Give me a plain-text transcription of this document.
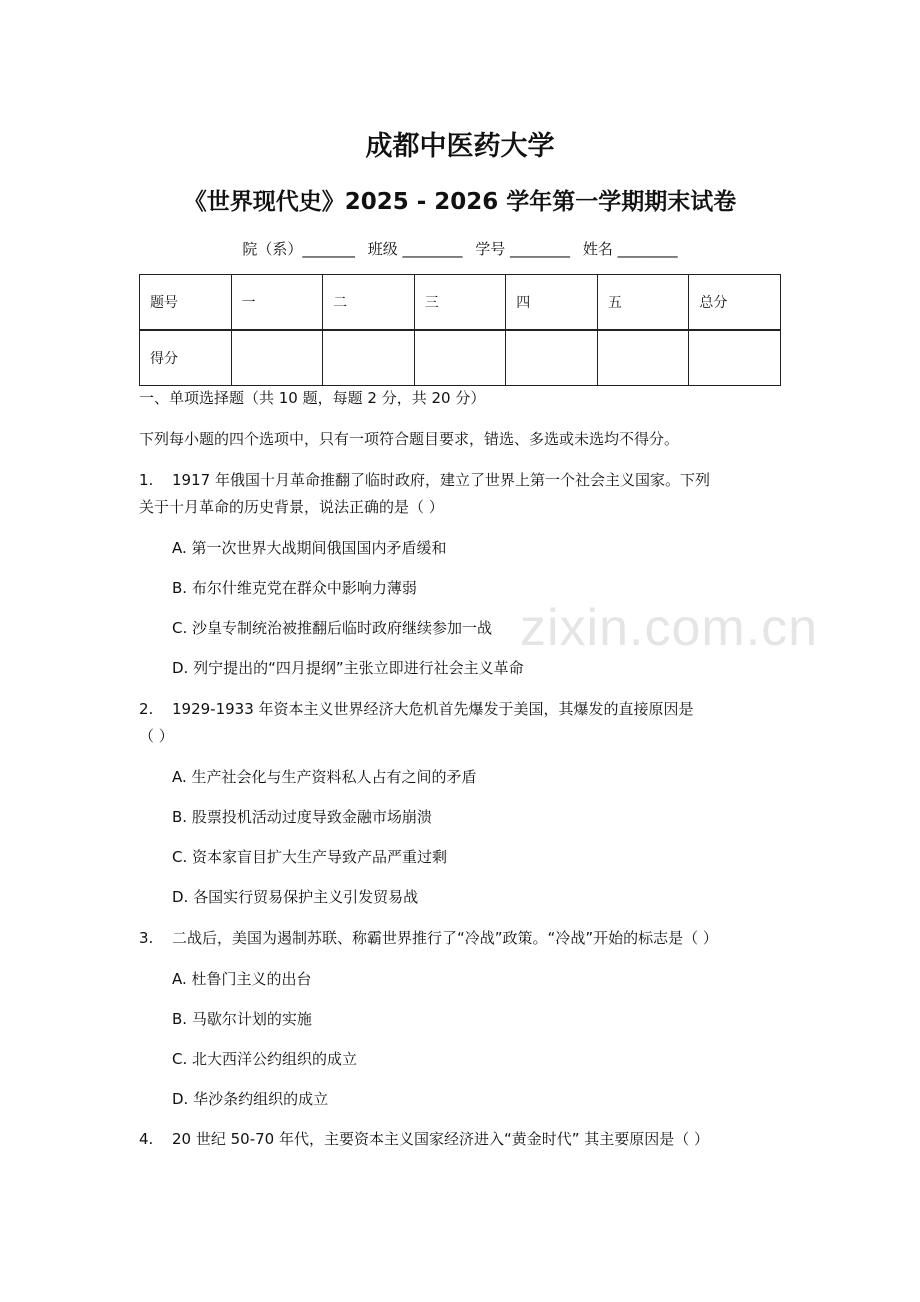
成都中医药大学
《世界现代史》2025 - 2026 学年第一学期期末试卷
院（系）_______ 班级 ________ 学号 ________ 姓名 ________
题号	一	二	三	四	五	总分
得分						
一、单项选择题（共 10 题，每题 2 分，共 20 分）
下列每小题的四个选项中，只有一项符合题目要求，错选、多选或未选均不得分。
1. 1917 年俄国十月革命推翻了临时政府，建立了世界上第一个社会主义国家。下列
关于十月革命的历史背景，说法正确的是（ ）
A. 第一次世界大战期间俄国国内矛盾缓和
B. 布尔什维克党在群众中影响力薄弱
C. 沙皇专制统治被推翻后临时政府继续参加一战
D. 列宁提出的“四月提纲”主张立即进行社会主义革命
2. 1929-1933 年资本主义世界经济大危机首先爆发于美国，其爆发的直接原因是
（ ）
A. 生产社会化与生产资料私人占有之间的矛盾
B. 股票投机活动过度导致金融市场崩溃
C. 资本家盲目扩大生产导致产品严重过剩
D. 各国实行贸易保护主义引发贸易战
3. 二战后，美国为遏制苏联、称霸世界推行了“冷战”政策。“冷战”开始的标志是（ ）
A. 杜鲁门主义的出台
B. 马歇尔计划的实施
C. 北大西洋公约组织的成立
D. 华沙条约组织的成立
4. 20 世纪 50-70 年代，主要资本主义国家经济进入“黄金时代” 其主要原因是（ ）
zixin.com.cn
